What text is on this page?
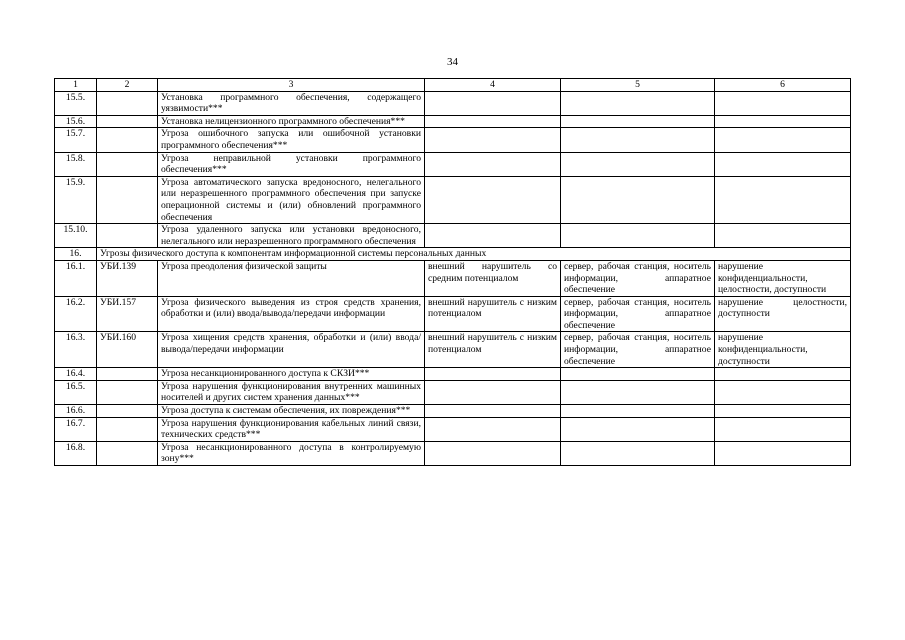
34
1	2	3	4	5	6
15.5.		Установка программного обеспечения, содержащего уязвимости***			
15.6.		Установка нелицензионного программного обеспечения***			
15.7.		Угроза ошибочного запуска или ошибочной установки программного обеспечения***			
15.8.		Угроза неправильной установки программного обеспечения***			
15.9.		Угроза автоматического запуска вредоносного, нелегального или неразрешенного программного обеспечения при запуске операционной системы и (или) обновлений программного обеспечения			
15.10.		Угроза удаленного запуска или установки вредоносного, нелегального или неразрешенного программного обеспечения			
16.	Угрозы физического доступа к компонентам информационной системы персональных данных				
16.1.	УБИ.139	Угроза преодоления физической защиты	внешний нарушитель со средним потенциалом	сервер, рабочая станция, носитель информации, аппаратное обеспечение	нарушение конфиденциальности, целостности, доступности
16.2.	УБИ.157	Угроза физического выведения из строя средств хранения, обработки и (или) ввода/вывода/передачи информации	внешний нарушитель с низким потенциалом	сервер, рабочая станция, носитель информации, аппаратное обеспечение	нарушение целостности, доступности
16.3.	УБИ.160	Угроза хищения средств хранения, обработки и (или) ввода/вывода/передачи информации	внешний нарушитель с низким потенциалом	сервер, рабочая станция, носитель информации, аппаратное обеспечение	нарушение конфиденциальности, доступности
16.4.		Угроза несанкционированного доступа к СКЗИ***			
16.5.		Угроза нарушения функционирования внутренних машинных носителей и других систем хранения данных***			
16.6.		Угроза доступа к системам обеспечения, их повреждения***			
16.7.		Угроза нарушения функционирования кабельных линий связи, технических средств***			
16.8.		Угроза несанкционированного доступа в контролируемую зону***			
